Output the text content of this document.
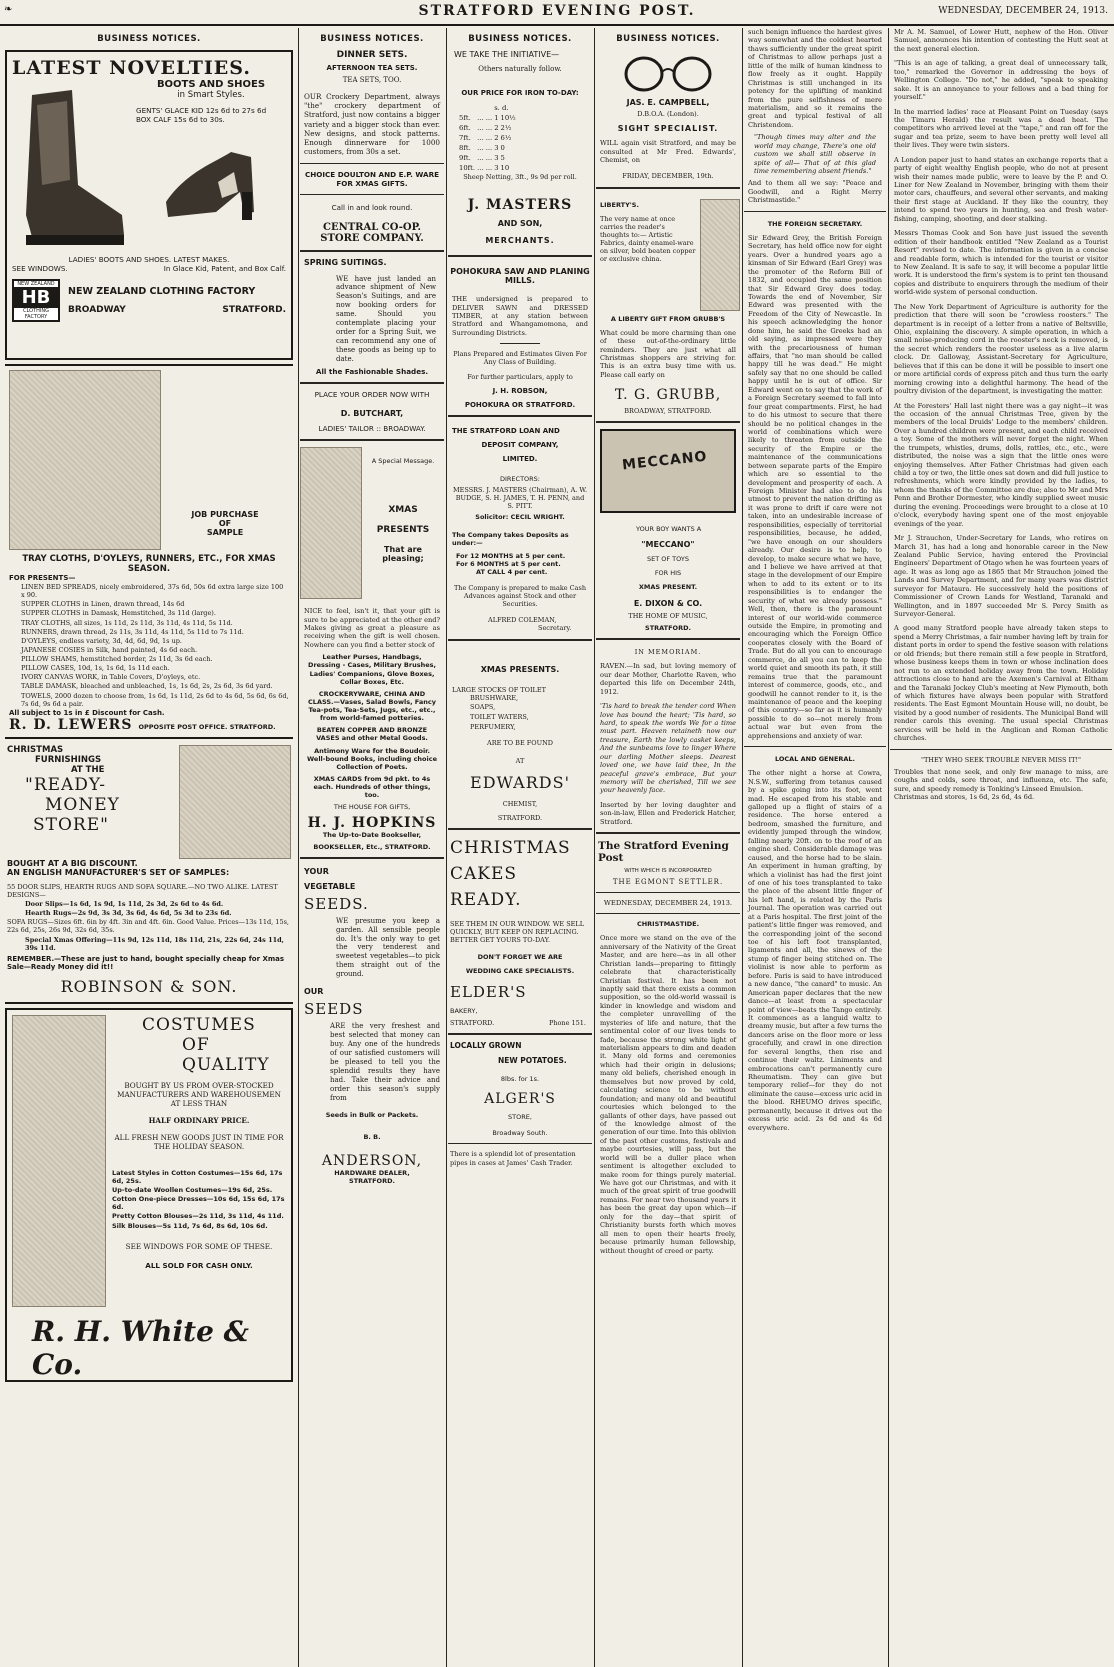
❧	STRATFORD EVENING POST.	WEDNESDAY, DECEMBER 24, 1913.
BUSINESS NOTICES.
LATEST NOVELTIES.
BOOTS AND SHOES
in Smart Styles.
GENTS' GLACE KID 12s 6d to 27s 6d
BOX CALF 15s 6d to 30s.
LADIES' BOOTS AND SHOES. LATEST MAKES.
SEE WINDOWS.	In Glace Kid, Patent, and Box Calf.
NEW ZEALAND
HB
CLOTHING FACTORY
NEW ZEALAND CLOTHING FACTORY
BROADWAY	STRATFORD.
JOB PURCHASE
OF
SAMPLE
TRAY CLOTHS, D'OYLEYS, RUNNERS, ETC., FOR XMAS SEASON.
FOR PRESENTS—
LINEN BED SPREADS, nicely embroidered, 37s 6d, 50s 6d extra large size 100 x 90.
SUPPER CLOTHS in Linen, drawn thread, 14s 6d
SUPPER CLOTHS in Damask, Hemstitched, 3s 11d (large).
TRAY CLOTHS, all sizes, 1s 11d, 2s 11d, 3s 11d, 4s 11d, 5s 11d.
RUNNERS, drawn thread, 2s 11s, 3s 11d, 4s 11d, 5s 11d to 7s 11d.
D'OYLEYS, endless variety, 3d, 4d, 6d, 9d, 1s up.
JAPANESE COSIES in Silk, hand painted, 4s 6d each.
PILLOW SHAMS, hemstitched border, 2s 11d, 3s 6d each.
PILLOW CASES, 10d, 1s, 1s 6d, 1s 11d each.
IVORY CANVAS WORK, in Table Covers, D'oyleys, etc.
TABLE DAMASK, bleached and unbleached, 1s, 1s 6d, 2s, 2s 6d, 3s 6d yard.
TOWELS, 2000 dozen to choose from, 1s 6d, 1s 11d, 2s 6d to 4s 6d, 5s 6d, 6s 6d, 7s 6d, 9s 6d a pair.
All subject to 1s in £ Discount for Cash.
R. D. LEWERS OPPOSITE POST OFFICE. STRATFORD.
CHRISTMAS
FURNISHINGS
AT THE
"READY-
MONEY
STORE"
BOUGHT AT A BIG DISCOUNT.
AN ENGLISH MANUFACTURER'S SET OF SAMPLES:
55 DOOR SLIPS, HEARTH RUGS AND SOFA SQUARE.—NO TWO ALIKE. LATEST DESIGNS—
Door Slips—1s 6d, 1s 9d, 1s 11d, 2s 3d, 2s 6d to 4s 6d.
Hearth Rugs—2s 9d, 3s 3d, 3s 6d, 4s 6d, 5s 3d to 23s 6d.
SOFA RUGS—Sizes 6ft. 6in by 4ft. 3in and 4ft. 6in. Good Value. Prices—13s 11d, 15s, 22s 6d, 25s, 26s 9d, 32s 6d, 35s.
Special Xmas Offering—11s 9d, 12s 11d, 18s 11d, 21s, 22s 6d, 24s 11d, 39s 11d.
REMEMBER.—These are just to hand, bought specially cheap for Xmas Sale—Ready Money did it!!
ROBINSON & SON.
COSTUMES
OF QUALITY
BOUGHT BY US FROM OVER-STOCKED MANUFACTURERS AND WAREHOUSEMEN AT LESS THAN
HALF ORDINARY PRICE.
ALL FRESH NEW GOODS JUST IN TIME FOR THE HOLIDAY SEASON.
Latest Styles in Cotton Costumes—15s 6d, 17s 6d, 25s.
Up-to-date Woollen Costumes—19s 6d, 25s.
Cotton One-piece Dresses—10s 6d, 15s 6d, 17s 6d.
Pretty Cotton Blouses—2s 11d, 3s 11d, 4s 11d.
Silk Blouses—5s 11d, 7s 6d, 8s 6d, 10s 6d.
SEE WINDOWS FOR SOME OF THESE.
ALL SOLD FOR CASH ONLY.
R. H. White & Co.
BUSINESS NOTICES.
DINNER SETS.
AFTERNOON TEA SETS.
TEA SETS, TOO.
OUR Crockery Department, always "the" crockery department of Stratford, just now contains a bigger variety and a bigger stock than ever. New designs, and stock patterns. Enough dinnerware for 1000 customers, from 30s a set.
CHOICE DOULTON AND E.P. WARE FOR XMAS GIFTS.
Call in and look round.
CENTRAL CO-OP. STORE COMPANY.
SPRING SUITINGS.
WE have just landed an advance shipment of New Season's Suitings, and are now booking orders for same. Should you contemplate placing your order for a Spring Suit, we can recommend any one of these goods as being up to date.
All the Fashionable Shades.
PLACE YOUR ORDER NOW WITH
D. BUTCHART,
LADIES' TAILOR :: BROADWAY.
A Special Message.
XMAS
PRESENTS
That are pleasing;
NICE to feel, isn't it, that your gift is sure to be appreciated at the other end? Makes giving as great a pleasure as receiving when the gift is well chosen. Nowhere can you find a better stock of
Leather Purses, Handbags, Dressing - Cases, Military Brushes, Ladies' Companions, Glove Boxes, Collar Boxes, Etc.
CROCKERYWARE, CHINA AND CLASS.—Vases, Salad Bowls, Fancy Tea-pots, Tea-Sets, Jugs, etc., etc., from world-famed potteries.
BEATEN COPPER AND BRONZE VASES and other Metal Goods.
Antimony Ware for the Boudoir. Well-bound Books, including choice Collection of Poets.
XMAS CARDS from 9d pkt. to 4s each. Hundreds of other things, too.
THE HOUSE FOR GIFTS,
H. J. HOPKINS
The Up-to-Date Bookseller,
BOOKSELLER, Etc., STRATFORD.
YOUR
VEGETABLE
SEEDS.
WE presume you keep a garden. All sensible people do. It's the only way to get the very tenderest and sweetest vegetables—to pick them straight out of the ground.
OUR
SEEDS
ARE the very freshest and best selected that money can buy. Any one of the hundreds of our satisfied customers will be pleased to tell you the splendid results they have had. Take their advice and order this season's supply from
Seeds in Bulk or Packets.
B. B.
ANDERSON,
HARDWARE DEALER,
STRATFORD.
BUSINESS NOTICES.
WE TAKE THE INITIATIVE—
Others naturally follow.
OUR PRICE FOR IRON TO-DAY:
		s. d.	
5ft.	... ...	1	10½
6ft.	... ...	2	2½
7ft.	... ...	2	6½
8ft.	... ...	3	0
9ft.	... ...	3	5
10ft.	... ...	3	10
Sheep Netting, 3ft., 9s 9d per roll.
J. MASTERS
AND SON,
MERCHANTS.
POHOKURA SAW AND PLANING MILLS.
THE undersigned is prepared to DELIVER SAWN and DRESSED TIMBER, at any station between Stratford and Whangamomona, and Surrounding Districts.
Plans Prepared and Estimates Given For Any Class of Building.
For further particulars, apply to
J. H. ROBSON,
POHOKURA OR STRATFORD.
THE STRATFORD LOAN AND
DEPOSIT COMPANY,
LIMITED.
DIRECTORS:
MESSRS. J. MASTERS (Chairman), A. W. BUDGE, S. H. JAMES, T. H. PENN, and S. PITT.
Solicitor: CECIL WRIGHT.
The Company takes Deposits as under:—
For 12 MONTHS at 5 per cent.
For 6 MONTHS at 5 per cent.
AT CALL 4 per cent.
The Company is prepared to make Cash Advances against Stock and other Securities.
ALFRED COLEMAN,
Secretary.
XMAS PRESENTS.
LARGE STOCKS OF TOILET
BRUSHWARE,
SOAPS,
TOILET WATERS,
PERFUMERY,
ARE TO BE FOUND
AT
EDWARDS'
CHEMIST,
STRATFORD.
CHRISTMAS
CAKES
READY.
SEE THEM IN OUR WINDOW. WE SELL QUICKLY, BUT KEEP ON REPLACING. BETTER GET YOURS TO-DAY.
DON'T FORGET WE ARE
WEDDING CAKE SPECIALISTS.
ELDER'S
BAKERY,
STRATFORD.	Phone 151.
LOCALLY GROWN
NEW POTATOES.
8lbs. for 1s.
ALGER'S
STORE,
Broadway South.
There is a splendid lot of presentation pipes in cases at James' Cash Trader.
BUSINESS NOTICES.
JAS. E. CAMPBELL,
D.B.O.A. (London).
SIGHT SPECIALIST.
WILL again visit Stratford, and may be consulted at Mr Fred. Edwards', Chemist, on
FRIDAY, DECEMBER, 19th.
LIBERTY'S.
The very name at once carries the reader's thoughts to:— Artistic Fabrics, dainty enamel-ware on silver, bold beaten copper or exclusive china.
A LIBERTY GIFT FROM GRUBB'S
What could be more charming than one of these out-of-the-ordinary little reminders. They are just what all Christmas shoppers are striving for. This is an extra busy time with us. Please call early on
T. G. GRUBB,
BROADWAY, STRATFORD.
MECCANO
YOUR BOY WANTS A
"MECCANO"
SET OF TOYS
FOR HIS
XMAS PRESENT.
E. DIXON & CO.
THE HOME OF MUSIC,
STRATFORD.
IN MEMORIAM.
RAVEN.—In sad, but loving memory of our dear Mother, Charlotte Raven, who departed this life on December 24th, 1912.
'Tis hard to break the tender cord When love has bound the heart; 'Tis hard, so hard, to speak the words We for a time must part. Heaven retaineth now our treasure, Earth the lowly casket keeps, And the sunbeams love to linger Where our darling Mother sleeps. Dearest loved one, we have laid thee, In the peaceful grave's embrace, But your memory will be cherished, Till we see your heavenly face.
Inserted by her loving daughter and son-in-law, Ellen and Frederick Hatcher, Stratford.
The Stratford Evening Post
WITH WHICH IS INCORPORATED
THE EGMONT SETTLER.
WEDNESDAY, DECEMBER 24, 1913.
CHRISTMASTIDE.
Once more we stand on the eve of the anniversary of the Nativity of the Great Master, and are here—as in all other Christian lands—preparing to fittingly celebrate that characteristically Christian festival. It has been not inaptly said that there exists a common supposition, so the old-world wassail is kinder in knowledge and wisdom and the completer unravelling of the mysteries of life and nature, that the sentimental color of our lives tends to fade, because the strong white light of materialism appears to dim and deaden it. Many old forms and ceremonies which had their origin in delusions; many old beliefs, cherished enough in themselves but now proved by cold, calculating science to be without foundation; and many old and beautiful courtesies which belonged to the gallants of other days, have passed out of the knowledge almost of the generation of our time. Into this oblivion of the past other customs, festivals and maybe courtesies, will pass, but the world will be a duller place when sentiment is altogether excluded to make room for things purely material. We have got our Christmas, and with it much of the great spirit of true goodwill remains. For near two thousand years it has been the great day upon which—if only for the day—that spirit of Christianity bursts forth which moves all men to open their hearts freely, because primarily human fellowship, without thought of creed or party.
such benign influence the hardest gives way somewhat and the coldest hearted thaws sufficiently under the great spirit of Christmas to allow perhaps just a little of the milk of human kindness to flow freely as it ought. Happily Christmas is still unchanged in its potency for the uplifting of mankind from the pure selfishness of mere materialism, and so it remains the great and typical festival of all Christendom.
"Though times may alter and the world may change, There's one old custom we shall still observe in spite of all— That of at this glad time remembering absent friends."
And to them all we say: "Peace and Goodwill, and a Right Merry Christmastide."
THE FOREIGN SECRETARY.
Sir Edward Grey, the British Foreign Secretary, has held office now for eight years. Over a hundred years ago a kinsman of Sir Edward (Earl Grey) was the promoter of the Reform Bill of 1832, and occupied the same position that Sir Edward Grey does today. Towards the end of November, Sir Edward was presented with the Freedom of the City of Newcastle. In his speech acknowledging the honor done him, he said the Greeks had an old saying, as impressed were they with the precariousness of human affairs, that "no man should be called happy till he was dead." He might safely say that no one should be called happy until he is out of office. Sir Edward went on to say that the work of a Foreign Secretary seemed to fall into four great compartments. First, he had to do his utmost to secure that there should be no political changes in the world of combinations which were likely to threaten from outside the security of the Empire or the maintenance of the communications between separate parts of the Empire which are so essential to the development and prosperity of each. A Foreign Minister had also to do his utmost to prevent the nation drifting as it was prone to drift if care were not taken, into an undesirable increase of responsibilities, especially of territorial responsibilities, because, he added, "we have enough on our shoulders already. Our desire is to help, to develop, to make secure what we have, and I believe we have arrived at that stage in the development of our Empire when to add to its extent or to its responsibilities is to endanger the security of what we already possess." Well, then, there is the paramount interest of our world-wide commerce outside the Empire, in promoting and encouraging which the Foreign Office cooperates closely with the Board of Trade. But do all you can to encourage commerce, do all you can to keep the world quiet and smooth its path, it still remains true that the paramount interest of commerce, goods, etc., and goodwill he cannot render to it, is the maintenance of peace and the keeping of this country—so far as it is humanly possible to do so—not merely from actual war but even from the apprehensions and anxiety of war.
LOCAL AND GENERAL.
The other night a horse at Cowra, N.S.W., suffering from tetanus caused by a spike going into its foot, went mad. He escaped from his stable and galloped up a flight of stairs of a residence. The horse entered a bedroom, smashed the furniture, and evidently jumped through the window, falling nearly 20ft. on to the roof of an engine shed. Considerable damage was caused, and the horse had to be slain. An experiment in human grafting, by which a violinist has had the first joint of one of his toes transplanted to take the place of the absent little finger of his left hand, is related by the Paris Journal. The operation was carried out at a Paris hospital. The first joint of the patient's little finger was removed, and the corresponding joint of the second toe of his left foot transplanted, ligaments and all, the sinews of the stump of finger being stitched on. The violinist is now able to perform as before. Paris is said to have introduced a new dance, "the canard" to music. An American paper declares that the new dance—at least from a spectacular point of view—beats the Tango entirely. It commences as a languid waltz to dreamy music, but after a few turns the dancers arise on the floor more or less gracefully, and crawl in one direction for several lengths, then rise and continue their waltz. Liniments and embrocations can't permanently cure Rheumatism. They can give but temporary relief—for they do not eliminate the cause—excess uric acid in the blood. RHEUMO drives specific, permanently, because it drives out the excess uric acid. 2s 6d and 4s 6d everywhere.
Mr A. M. Samuel, of Lower Hutt, nephew of the Hon. Oliver Samuel, announces his intention of contesting the Hutt seat at the next general election.
"This is an age of talking, a great deal of unnecessary talk, too," remarked the Governor in addressing the boys of Wellington College. "Do not," he added, "speak to speaking sake. It is an annoyance to your fellows and a bad thing for yourself."
In the married ladies' race at Pleasant Point on Tuesday (says the Timaru Herald) the result was a dead heat. The competitors who arrived level at the "tape," and ran off for the sugar and tea prize, seem to have been pretty well level all their lives. They were twin sisters.
A London paper just to hand states an exchange reports that a party of eight wealthy English people, who do not at present wish their names made public, were to leave by the P. and O. Liner for New Zealand in November, bringing with them their motor cars, chauffeurs, and several other servants, and making their first stage at Auckland. If they like the country, they intend to spend two years in hunting, sea and fresh water-fishing, camping, shooting, and deer stalking.
Messrs Thomas Cook and Son have just issued the seventh edition of their handbook entitled "New Zealand as a Tourist Resort" revised to date. The information is given in a concise and readable form, which is intended for the tourist or visitor to New Zealand. It is safe to say, it will become a popular little work. It is understood the firm's system is to print ten thousand copies and distribute to enquirers through the medium of their world-wide system of personal conduction.
The New York Department of Agriculture is authority for the prediction that there will soon be "crowless roosters." The department is in receipt of a letter from a native of Beltsville, Ohio, explaining the discovery. A simple operation, in which a small noise-producing cord in the rooster's neck is removed, is the secret which renders the rooster useless as a live alarm clock. Dr. Galloway, Assistant-Secretary for Agriculture, believes that if this can be done it will be possible to insert one or more artificial cords of express pitch and thus turn the early morning crowing into a delightful harmony. The head of the poultry division of the department, is investigating the matter.
At the Foresters' Hall last night there was a gay night—it was the occasion of the annual Christmas Tree, given by the members of the local Druids' Lodge to the members' children. Over a hundred children were present, and each child received a toy. Some of the mothers will never forget the night. When the trumpets, whistles, drums, dolls, rattles, etc., etc., were distributed, the noise was a sign that the little ones were enjoying themselves. After Father Christmas had given each child a toy or two, the little ones sat down and did full justice to refreshments, which were kindly provided by the ladies, to whom the thanks of the Committee are due; also to Mr and Mrs Penn and Brother Dormester, who kindly supplied sweet music during the evening. Proceedings were brought to a close at 10 o'clock, everybody having spent one of the most enjoyable evenings of the year.
Mr J. Strauchon, Under-Secretary for Lands, who retires on March 31, has had a long and honorable career in the New Zealand Public Service, having entered the Provincial Engineers' Department of Otago when he was fourteen years of age. It was as long ago as 1865 that Mr Strauchon joined the Lands and Survey Department, and for many years was district surveyor for Mataura. He successively held the positions of Commissioner of Crown Lands for Westland, Taranaki and Wellington, and in 1897 succeeded Mr S. Percy Smith as Surveyor-General.
A good many Stratford people have already taken steps to spend a Merry Christmas, a fair number having left by train for distant ports in order to spend the festive season with relations or old friends; but there remain still a few people in Stratford, whose business keeps them in town or whose inclination does not run to an extended holiday away from the town. Holiday attractions close to hand are the Axemen's Carnival at Eltham and the Taranaki Jockey Club's meeting at New Plymouth, both of which fixtures have always been popular with Stratford residents. The East Egmont Mountain House will, no doubt, be visited by a good number of residents. The Municipal Band will render carols this evening. The usual special Christmas services will be held in the Anglican and Roman Catholic churches.
"THEY WHO SEEK TROUBLE NEVER MISS IT!"
Troubles that none seek, and only few manage to miss, are coughs and colds, sore throat, and influenza, etc. The safe, sure, and speedy remedy is Tonking's Linseed Emulsion.
Christmas and stores, 1s 6d, 2s 6d, 4s 6d.
